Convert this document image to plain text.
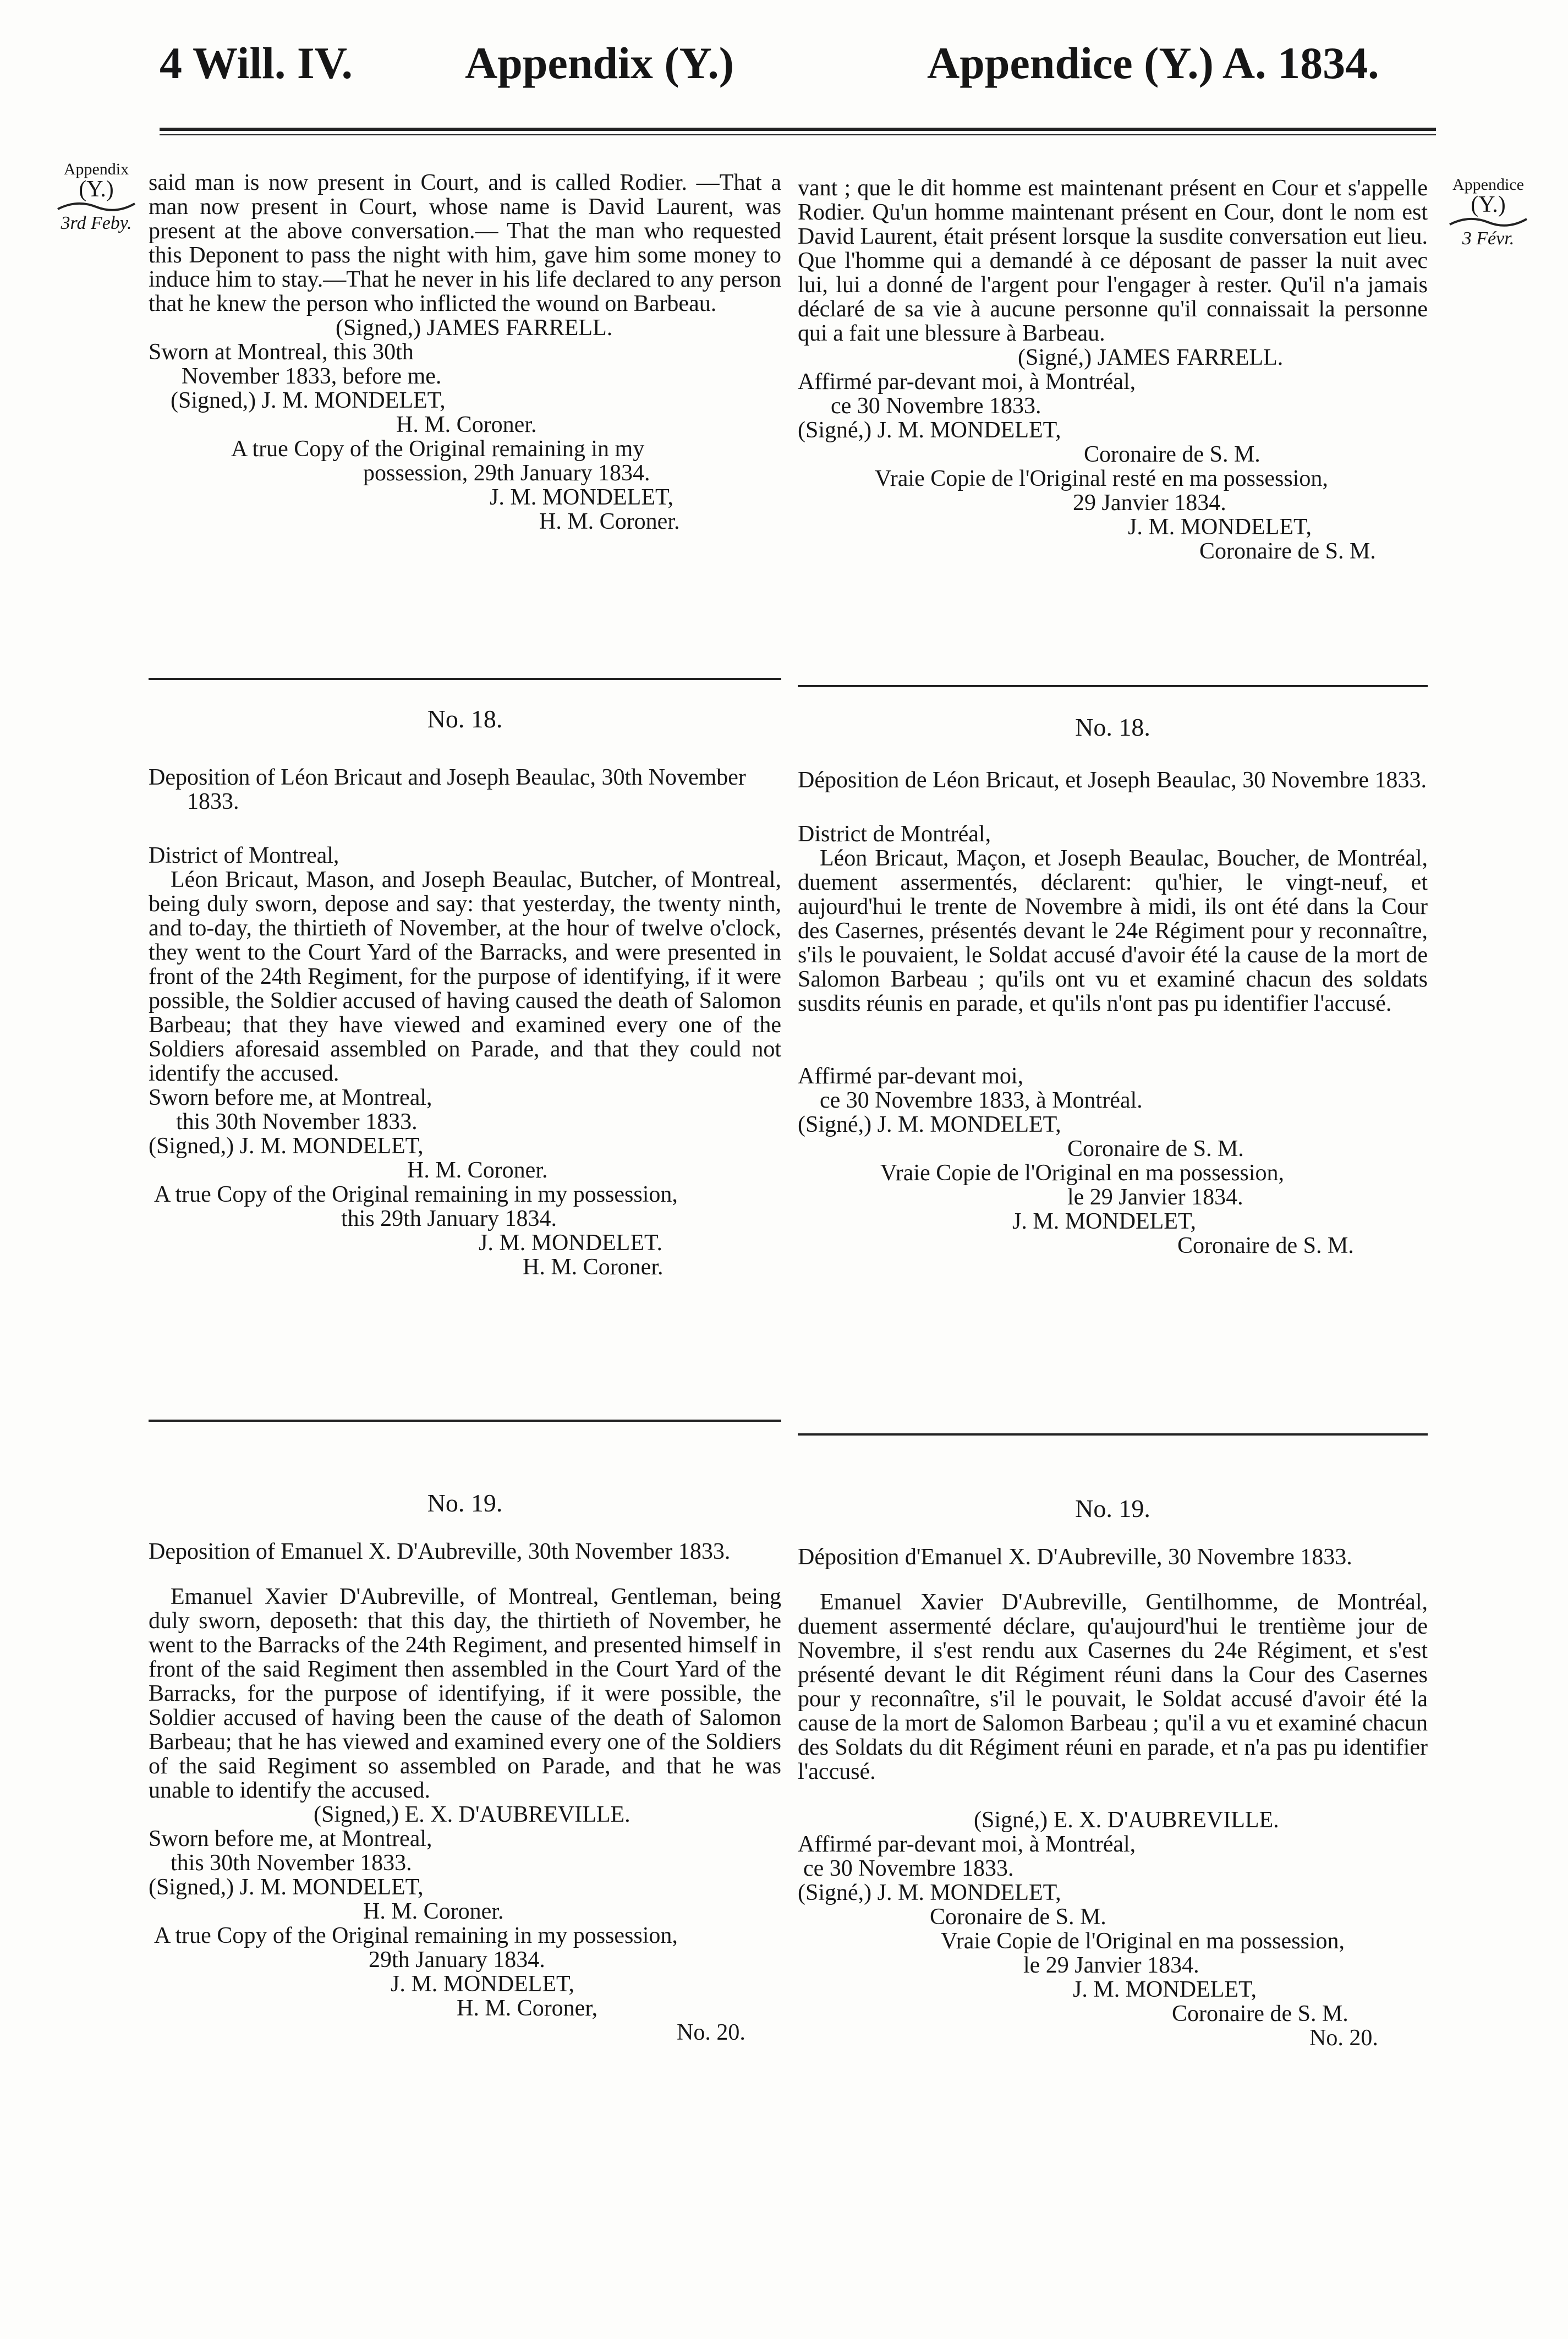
4 Will. IV. Appendix (Y.)	Appendice (Y.) A. 1834.
Appendix
(Y.)
3rd Feby.
Appendice
(Y.)
3 Févr.

said man is now present in Court, and is called Rodier. —That a man now present in Court, whose name is David Laurent, was present at the above conversation.— That the man who requested this Deponent to pass the night with him, gave him some money to induce him to stay.—That he never in his life declared to any person that he knew the person who inflicted the wound on Barbeau.

(Signed,) JAMES FARRELL.

Sworn at Montreal, this 30th

November 1833, before me.

(Signed,) J. M. MONDELET,

H. M. Coroner.

A true Copy of the Original remaining in my

possession, 29th January 1834.

J. M. MONDELET,

H. M. Coroner.

No. 18.

Deposition of Léon Bricaut and Joseph Beaulac, 30th November 1833.

District of Montreal,

Léon Bricaut, Mason, and Joseph Beaulac, Butcher, of Montreal, being duly sworn, depose and say: that yesterday, the twenty ninth, and to-day, the thirtieth of November, at the hour of twelve o'clock, they went to the Court Yard of the Barracks, and were presented in front of the 24th Regiment, for the purpose of identifying, if it were possible, the Soldier accused of having caused the death of Salomon Barbeau; that they have viewed and examined every one of the Soldiers aforesaid assembled on Parade, and that they could not identify the accused.

Sworn before me, at Montreal,

this 30th November 1833.

(Signed,) J. M. MONDELET,

H. M. Coroner.

A true Copy of the Original remaining in my possession,

this 29th January 1834.

J. M. MONDELET.

H. M. Coroner.

No. 19.

Deposition of Emanuel X. D'Aubreville, 30th November 1833.

Emanuel Xavier D'Aubreville, of Montreal, Gentleman, being duly sworn, deposeth: that this day, the thirtieth of November, he went to the Barracks of the 24th Regiment, and presented himself in front of the said Regiment then assembled in the Court Yard of the Barracks, for the purpose of identifying, if it were possible, the Soldier accused of having been the cause of the death of Salomon Barbeau; that he has viewed and examined every one of the Soldiers of the said Regiment so assembled on Parade, and that he was unable to identify the accused.

(Signed,) E. X. D'AUBREVILLE.

Sworn before me, at Montreal,

this 30th November 1833.

(Signed,) J. M. MONDELET,

H. M. Coroner.

A true Copy of the Original remaining in my possession,

29th January 1834.

J. M. MONDELET,

H. M. Coroner,

No. 20.

vant ; que le dit homme est maintenant présent en Cour et s'appelle Rodier. Qu'un homme maintenant présent en Cour, dont le nom est David Laurent, était présent lorsque la susdite conversation eut lieu. Que l'homme qui a demandé à ce déposant de passer la nuit avec lui, lui a donné de l'argent pour l'engager à rester. Qu'il n'a jamais déclaré de sa vie à aucune personne qu'il connaissait la personne qui a fait une blessure à Barbeau.

(Signé,) JAMES FARRELL.

Affirmé par-devant moi, à Montréal,

ce 30 Novembre 1833.

(Signé,) J. M. MONDELET,

Coronaire de S. M.

Vraie Copie de l'Original resté en ma possession,

29 Janvier 1834.

J. M. MONDELET,

Coronaire de S. M.

No. 18.

Déposition de Léon Bricaut, et Joseph Beaulac, 30 Novembre 1833.

District de Montréal,

Léon Bricaut, Maçon, et Joseph Beaulac, Boucher, de Montréal, duement assermentés, déclarent: qu'hier, le vingt-neuf, et aujourd'hui le trente de Novembre à midi, ils ont été dans la Cour des Casernes, présentés devant le 24e Régiment pour y reconnaître, s'ils le pouvaient, le Soldat accusé d'avoir été la cause de la mort de Salomon Barbeau ; qu'ils ont vu et examiné chacun des soldats susdits réunis en parade, et qu'ils n'ont pas pu identifier l'accusé.

Affirmé par-devant moi,

ce 30 Novembre 1833, à Montréal.

(Signé,) J. M. MONDELET,

Coronaire de S. M.

Vraie Copie de l'Original en ma possession,

le 29 Janvier 1834.

J. M. MONDELET,

Coronaire de S. M.

No. 19.

Déposition d'Emanuel X. D'Aubreville, 30 Novembre 1833.

Emanuel Xavier D'Aubreville, Gentilhomme, de Montréal, duement assermenté déclare, qu'aujourd'hui le trentième jour de Novembre, il s'est rendu aux Casernes du 24e Régiment, et s'est présenté devant le dit Régiment réuni dans la Cour des Casernes pour y reconnaître, s'il le pouvait, le Soldat accusé d'avoir été la cause de la mort de Salomon Barbeau ; qu'il a vu et examiné chacun des Soldats du dit Régiment réuni en parade, et n'a pas pu identifier l'accusé.

(Signé,) E. X. D'AUBREVILLE.

Affirmé par-devant moi, à Montréal,

ce 30 Novembre 1833.

(Signé,) J. M. MONDELET,

Coronaire de S. M.

Vraie Copie de l'Original en ma possession,

le 29 Janvier 1834.

J. M. MONDELET,

Coronaire de S. M.

No. 20.
